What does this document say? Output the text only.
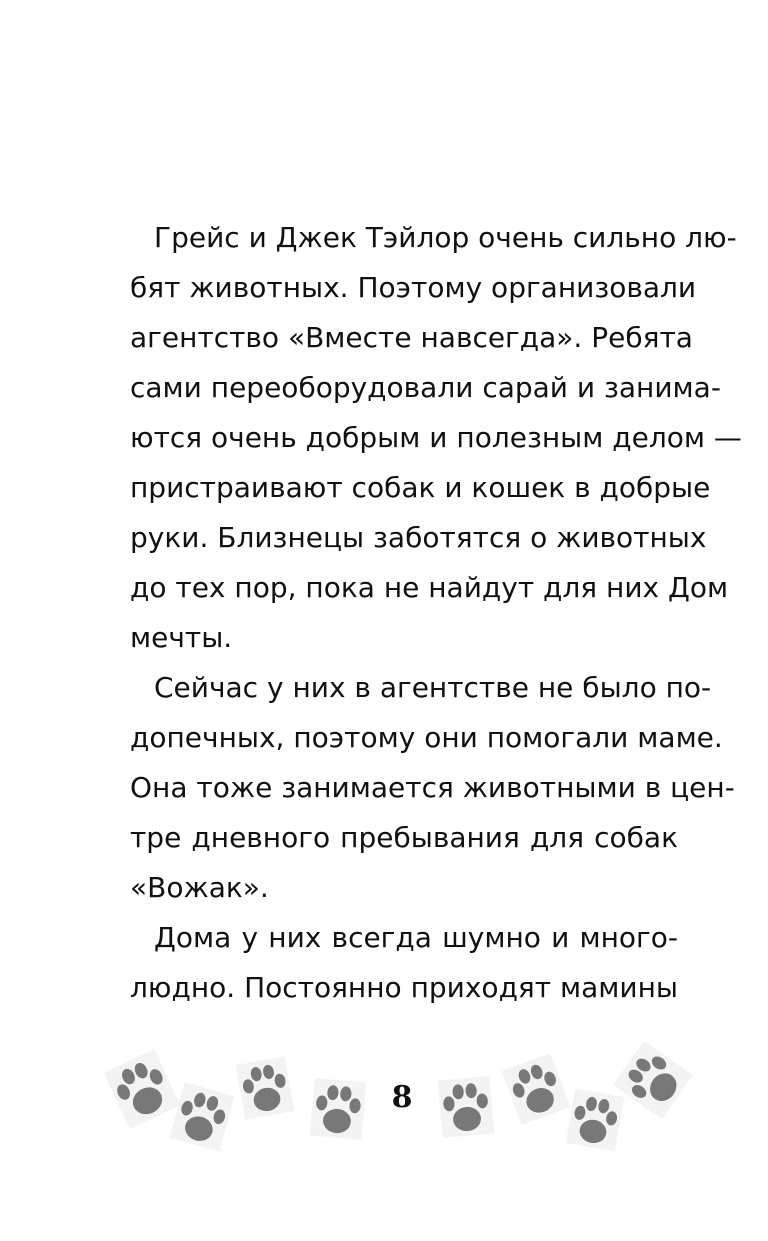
Грейс и Джек Тэйлор очень сильно лю-
бят животных. Поэтому организовали
агентство «Вместе навсегда». Ребята
сами переоборудовали сарай и занима-
ются очень добрым и полезным делом —
пристраивают собак и кошек в добрые
руки. Близнецы заботятся о животных
до тех пор, пока не найдут для них Дом
мечты.
Сейчас у них в агентстве не было по-
допечных, поэтому они помогали маме.
Она тоже занимается животными в цен-
тре дневного пребывания для собак
«Вожак».
Дома у них всегда шумно и много-
людно. Постоянно приходят мамины
8
